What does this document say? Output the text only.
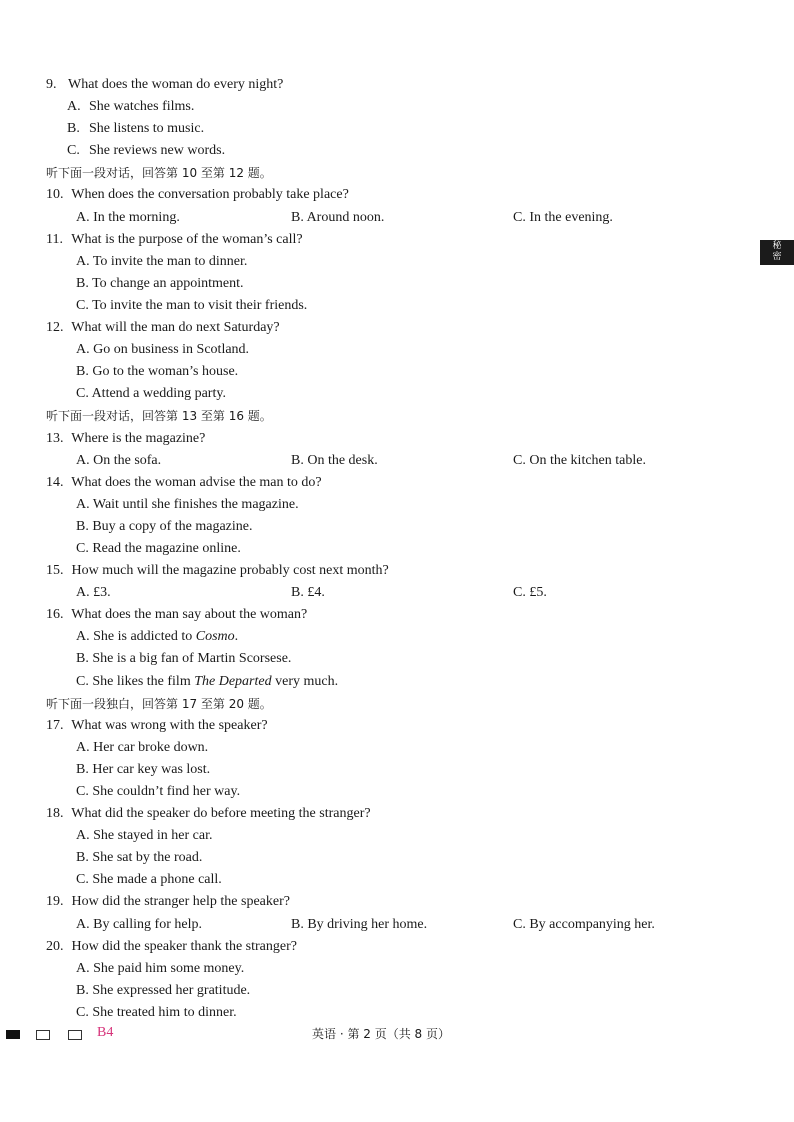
9. What does the woman do every night?
A. She watches films.
B. She listens to music.
C. She reviews new words.
听下面一段对话，回答第 10 至第 12 题。
10. When does the conversation probably take place?
A. In the morning.	B. Around noon.	C. In the evening.
11. What is the purpose of the woman’s call?
A. To invite the man to dinner.
B. To change an appointment.
C. To invite the man to visit their friends.
12. What will the man do next Saturday?
A. Go on business in Scotland.
B. Go to the woman’s house.
C. Attend a wedding party.
听下面一段对话，回答第 13 至第 16 题。
13. Where is the magazine?
A. On the sofa.	B. On the desk.	C. On the kitchen table.
14. What does the woman advise the man to do?
A. Wait until she finishes the magazine.
B. Buy a copy of the magazine.
C. Read the magazine online.
15. How much will the magazine probably cost next month?
A. £3.	B. £4.	C. £5.
16. What does the man say about the woman?
A. She is addicted to Cosmo.
B. She is a big fan of Martin Scorsese.
C. She likes the film The Departed very much.
听下面一段独白，回答第 17 至第 20 题。
17. What was wrong with the speaker?
A. Her car broke down.
B. Her car key was lost.
C. She couldn’t find her way.
18. What did the speaker do before meeting the stranger?
A. She stayed in her car.
B. She sat by the road.
C. She made a phone call.
19. How did the stranger help the speaker?
A. By calling for help.	B. By driving her home.	C. By accompanying her.
20. How did the speaker thank the stranger?
A. She paid him some money.
B. She expressed her gratitude.
C. She treated him to dinner.
秘
密
B4	英语 · 第 2 页（共 8 页）
